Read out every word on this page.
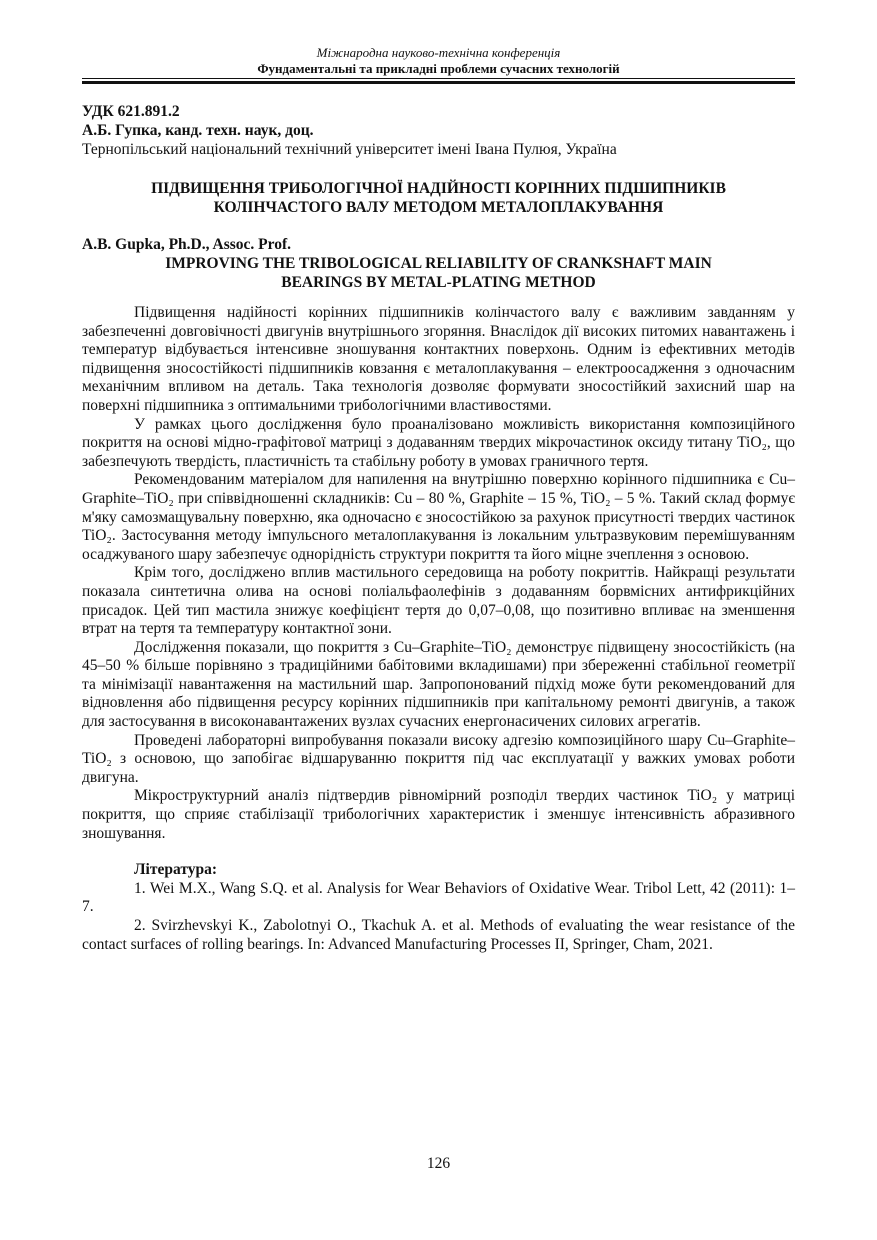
Міжнародна науково-технічна конференція
Фундаментальні та прикладні проблеми сучасних технологій
УДК 621.891.2
А.Б. Гупка, канд. техн. наук, доц.
Тернопільський національний технічний університет імені Івана Пулюя, Україна
ПІДВИЩЕННЯ ТРИБОЛОГІЧНОЇ НАДІЙНОСТІ КОРІННИХ ПІДШИПНИКІВ
КОЛІНЧАСТОГО ВАЛУ МЕТОДОМ МЕТАЛОПЛАКУВАННЯ
A.B. Gupka, Ph.D., Assoc. Prof.
IMPROVING THE TRIBOLOGICAL RELIABILITY OF CRANKSHAFT MAIN
BEARINGS BY METAL-PLATING METHOD

Підвищення надійності корінних підшипників колінчастого валу є важливим завданням у забезпеченні довговічності двигунів внутрішнього згоряння. Внаслідок дії високих питомих навантажень і температур відбувається інтенсивне зношування контактних поверхонь. Одним із ефективних методів підвищення зносостійкості підшипників ковзання є металоплакування – електроосадження з одночасним механічним впливом на деталь. Така технологія дозволяє формувати зносостійкий захисний шар на поверхні підшипника з оптимальними трибологічними властивостями.

У рамках цього дослідження було проаналізовано можливість використання композиційного покриття на основі мідно-графітової матриці з додаванням твердих мікрочастинок оксиду титану TiO₂, що забезпечують твердість, пластичність та стабільну роботу в умовах граничного тертя.

Рекомендованим матеріалом для напилення на внутрішню поверхню корінного підшипника є Cu–Graphite–TiO₂ при співвідношенні складників: Cu – 80 %, Graphite – 15 %, TiO₂ – 5 %. Такий склад формує м'яку самозмащувальну поверхню, яка одночасно є зносостійкою за рахунок присутності твердих частинок TiO₂. Застосування методу імпульсного металоплакування із локальним ультразвуковим перемішуванням осаджуваного шару забезпечує однорідність структури покриття та його міцне зчеплення з основою.

Крім того, досліджено вплив мастильного середовища на роботу покриттів. Найкращі результати показала синтетична олива на основі поліальфаолефінів з додаванням борвмісних антифрикційних присадок. Цей тип мастила знижує коефіцієнт тертя до 0,07–0,08, що позитивно впливає на зменшення втрат на тертя та температуру контактної зони.

Дослідження показали, що покриття з Cu–Graphite–TiO₂ демонструє підвищену зносостійкість (на 45–50 % більше порівняно з традиційними бабітовими вкладишами) при збереженні стабільної геометрії та мінімізації навантаження на мастильний шар. Запропонований підхід може бути рекомендований для відновлення або підвищення ресурсу корінних підшипників при капітальному ремонті двигунів, а також для застосування в високонавантажених вузлах сучасних енергонасичених силових агрегатів.

Проведені лабораторні випробування показали високу адгезію композиційного шару Cu–Graphite–TiO₂ з основою, що запобігає відшаруванню покриття під час експлуатації у важких умовах роботи двигуна.

Мікроструктурний аналіз підтвердив рівномірний розподіл твердих частинок TiO₂ у матриці покриття, що сприяє стабілізації трибологічних характеристик і зменшує інтенсивність абразивного зношування.

Література:

1. Wei M.X., Wang S.Q. et al. Analysis for Wear Behaviors of Oxidative Wear. Tribol Lett, 42 (2011): 1–7.

2. Svirzhevskyi K., Zabolotnyi O., Tkachuk A. et al. Methods of evaluating the wear resistance of the contact surfaces of rolling bearings. In: Advanced Manufacturing Processes II, Springer, Cham, 2021.

126
